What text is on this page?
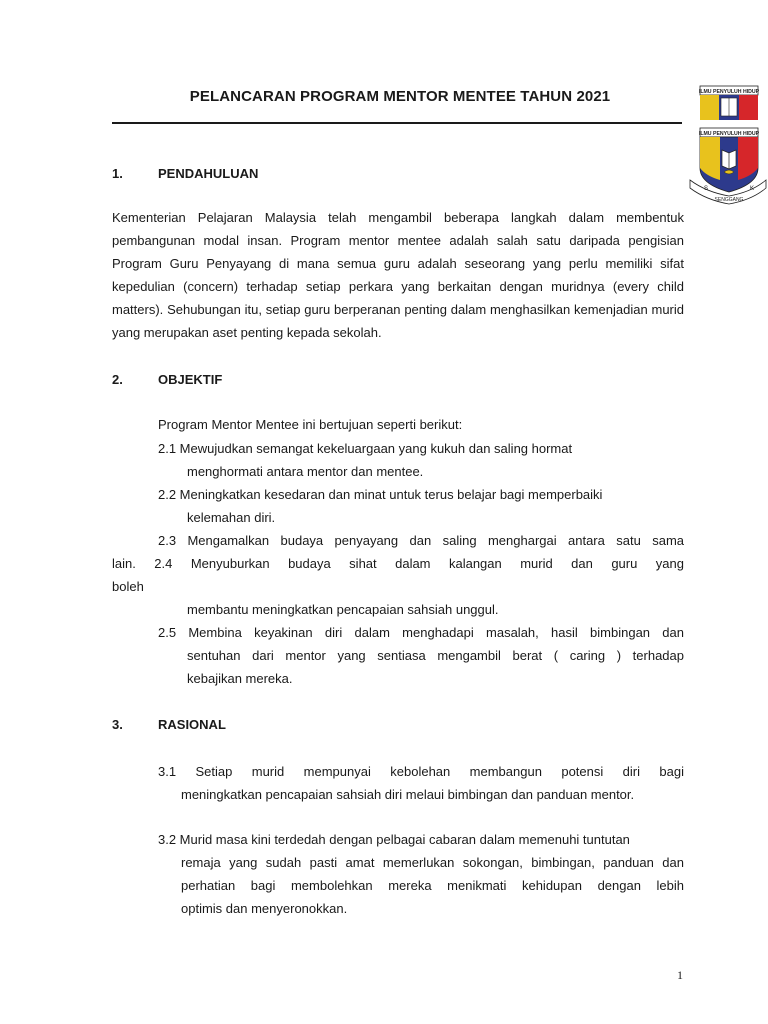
PELANCARAN PROGRAM MENTOR MENTEE TAHUN 2021	ILMU PENYULUH HIDUP
ILMU PENYULUH HIDUP
S	K
SENGGANG
1.	PENDAHULUAN
Kementerian Pelajaran Malaysia telah mengambil beberapa langkah dalam membentuk pembangunan modal insan. Program mentor mentee adalah salah satu daripada pengisian Program Guru Penyayang di mana semua guru adalah seseorang yang perlu memiliki sifat kepedulian (concern) terhadap setiap perkara yang berkaitan dengan muridnya (every child matters). Sehubungan itu, setiap guru berperanan penting dalam menghasilkan kemenjadian murid yang merupakan aset penting kepada sekolah.
2.	OBJEKTIF
Program Mentor Mentee ini bertujuan seperti berikut:
2.1 Mewujudkan semangat kekeluargaan yang kukuh dan saling hormat
menghormati antara mentor dan mentee.
2.2 Meningkatkan kesedaran dan minat untuk terus belajar bagi memperbaiki
kelemahan diri.
2.3 Mengamalkan budaya penyayang dan saling menghargai antara satu sama
lain. 2.4 Menyuburkan budaya sihat dalam kalangan murid dan guru yang
boleh
membantu meningkatkan pencapaian sahsiah unggul.
2.5 Membina keyakinan diri dalam menghadapi masalah, hasil bimbingan dan
sentuhan dari mentor yang sentiasa mengambil berat ( caring ) terhadap
kebajikan mereka.
3.	RASIONAL
3.1 Setiap murid mempunyai kebolehan membangun potensi diri bagi
meningkatkan pencapaian sahsiah diri melaui bimbingan dan panduan mentor.
3.2 Murid masa kini terdedah dengan pelbagai cabaran dalam memenuhi tuntutan
remaja yang sudah pasti amat memerlukan sokongan, bimbingan, panduan dan
perhatian bagi membolehkan mereka menikmati kehidupan dengan lebih
optimis dan menyeronokkan.
1
